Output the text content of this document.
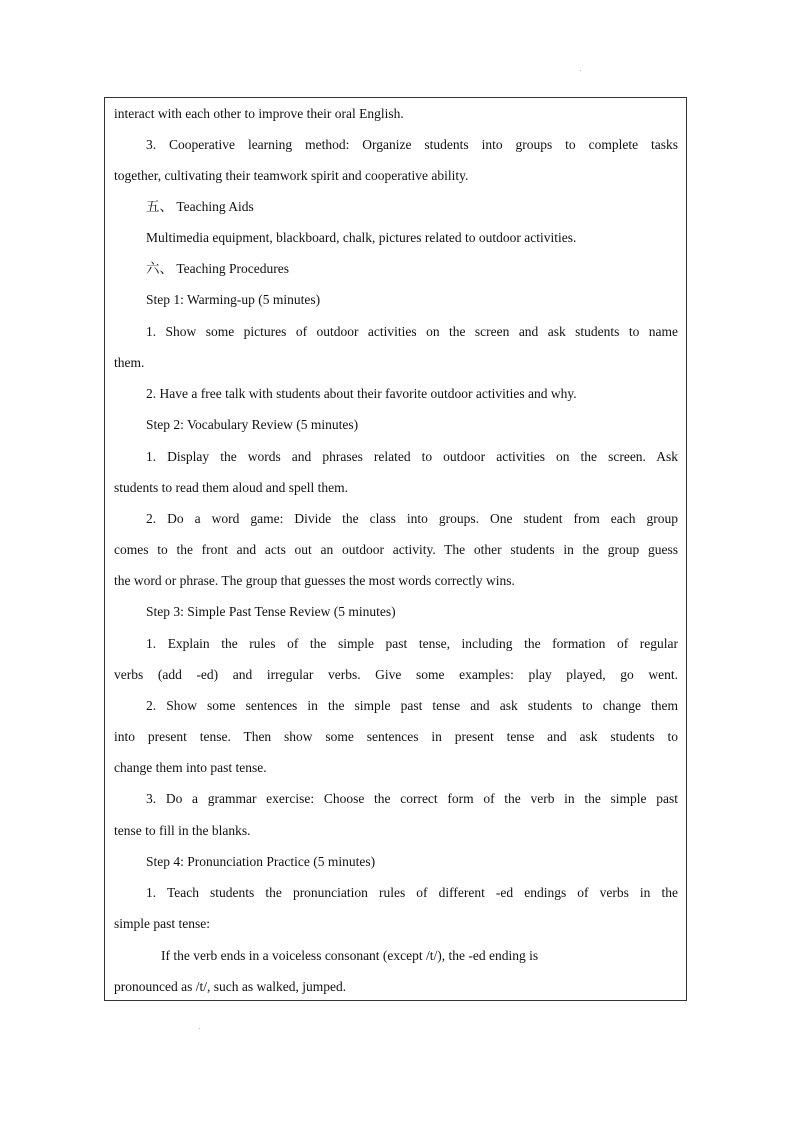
interact with each other to improve their oral English.
3. Cooperative learning method: Organize students into groups to complete tasks
together, cultivating their teamwork spirit and cooperative ability.
五、 Teaching Aids
Multimedia equipment, blackboard, chalk, pictures related to outdoor activities.
六、 Teaching Procedures
Step 1: Warming-up (5 minutes)
1. Show some pictures of outdoor activities on the screen and ask students to name
them.
2. Have a free talk with students about their favorite outdoor activities and why.
Step 2: Vocabulary Review (5 minutes)
1. Display the words and phrases related to outdoor activities on the screen. Ask
students to read them aloud and spell them.
2. Do a word game: Divide the class into groups. One student from each group
comes to the front and acts out an outdoor activity. The other students in the group guess
the word or phrase. The group that guesses the most words correctly wins.
Step 3: Simple Past Tense Review (5 minutes)
1. Explain the rules of the simple past tense, including the formation of regular
verbs (add -ed) and irregular verbs. Give some examples: play played, go went.
2. Show some sentences in the simple past tense and ask students to change them
into present tense. Then show some sentences in present tense and ask students to
change them into past tense.
3. Do a grammar exercise: Choose the correct form of the verb in the simple past
tense to fill in the blanks.
Step 4: Pronunciation Practice (5 minutes)
1. Teach students the pronunciation rules of different -ed endings of verbs in the
simple past tense:
If the verb ends in a voiceless consonant (except /t/), the -ed ending is
pronounced as /t/, such as walked, jumped.
